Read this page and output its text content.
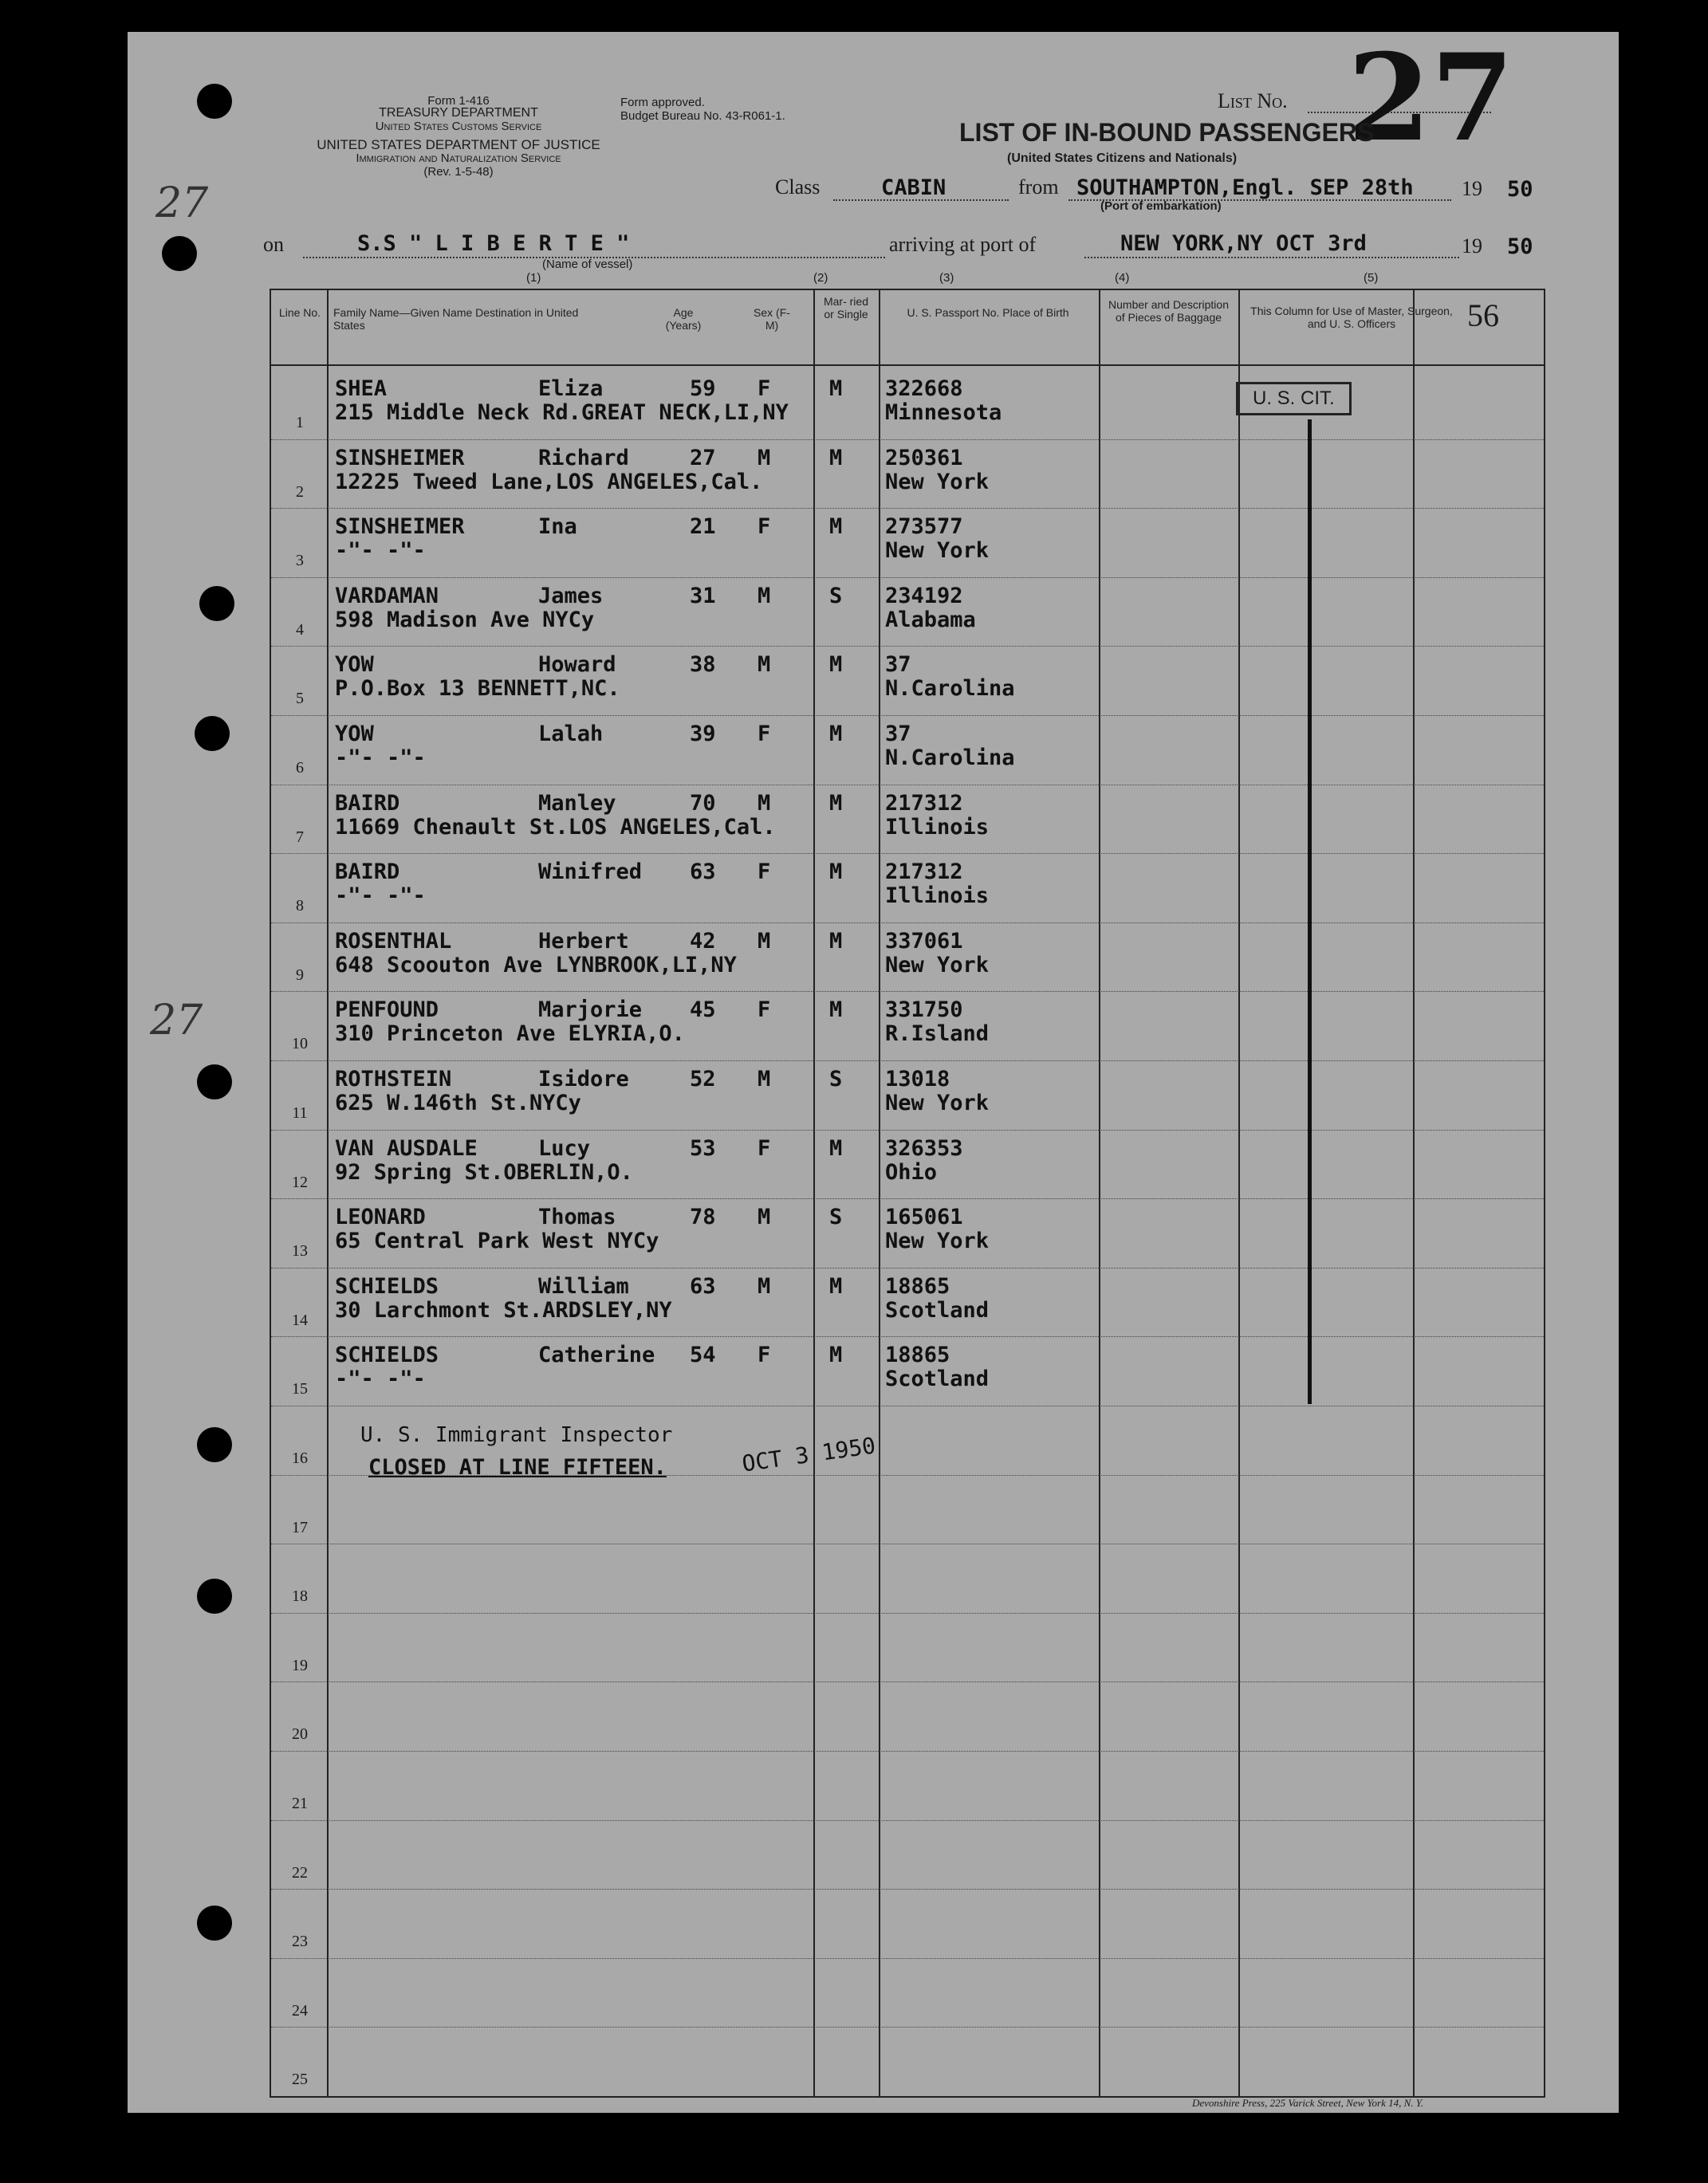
27
27
Form 1-416
TREASURY DEPARTMENT
United States Customs Service
UNITED STATES DEPARTMENT OF JUSTICE
Immigration and Naturalization Service
(Rev. 1-5-48)
Form approved.
Budget Bureau No. 43-R061-1.
List No. 27
LIST OF IN-BOUND PASSENGERS
(United States Citizens and Nationals)
Class	CABIN	from SOUTHAMPTON,Engl. SEP 28th 19 50
(Port of embarkation)
on	S.S " L I B E R T E "
(Name of vessel)
(1)
arriving at port of	NEW YORK,NY OCT 3rd	19 50
(2)	(3)	(4)	(5)
Line No. Family Name—Given Name Destination in United States
Age (Years)
Sex (F-M)
Mar- ried or Single	U. S. Passport No. Place of Birth
Number and Description of Pieces of Baggage	This Column for Use of Master, Surgeon, and U. S. Officers	56
1
SHEA	Eliza	59 F	M 322668
215 Middle Neck Rd.GREAT NECK,LI,NY	Minnesota
2
SINSHEIMER	Richard	27 M	M 250361
12225 Tweed Lane,LOS ANGELES,Cal.	New York
3
SINSHEIMER	Ina	21 F	M 273577
-"- -"-	New York
4
VARDAMAN	James	31 M	S 234192
598 Madison Ave NYCy	Alabama
5
YOW	Howard	38 M	M 37
P.O.Box 13 BENNETT,NC.	N.Carolina
6
YOW	Lalah	39 F	M 37
-"- -"-	N.Carolina
7
BAIRD	Manley	70 M	M 217312
11669 Chenault St.LOS ANGELES,Cal.	Illinois
8
BAIRD	Winifred 63 F	M 217312
-"- -"-	Illinois
9
ROSENTHAL	Herbert	42 M	M 337061
648 Scoouton Ave LYNBROOK,LI,NY	New York
10
PENFOUND	Marjorie 45 F	M 331750
310 Princeton Ave ELYRIA,O.	R.Island
11
ROTHSTEIN	Isidore	52 M	S 13018
625 W.146th St.NYCy	New York
12
VAN AUSDALE	Lucy	53 F	M 326353
92 Spring St.OBERLIN,O.	Ohio
13
LEONARD	Thomas	78 M	S 165061
65 Central Park West NYCy	New York
14
SCHIELDS	William	63 M	M 18865
30 Larchmont St.ARDSLEY,NY	Scotland
15
SCHIELDS	Catherine 54 F	M 18865
-"- -"-	Scotland
16
17
18
19
20
21
22
23
24
25
U. S. CIT.
U. S. Immigrant Inspector
CLOSED AT LINE FIFTEEN.	OCT 3 1950
Devonshire Press, 225 Varick Street, New York 14, N. Y.
